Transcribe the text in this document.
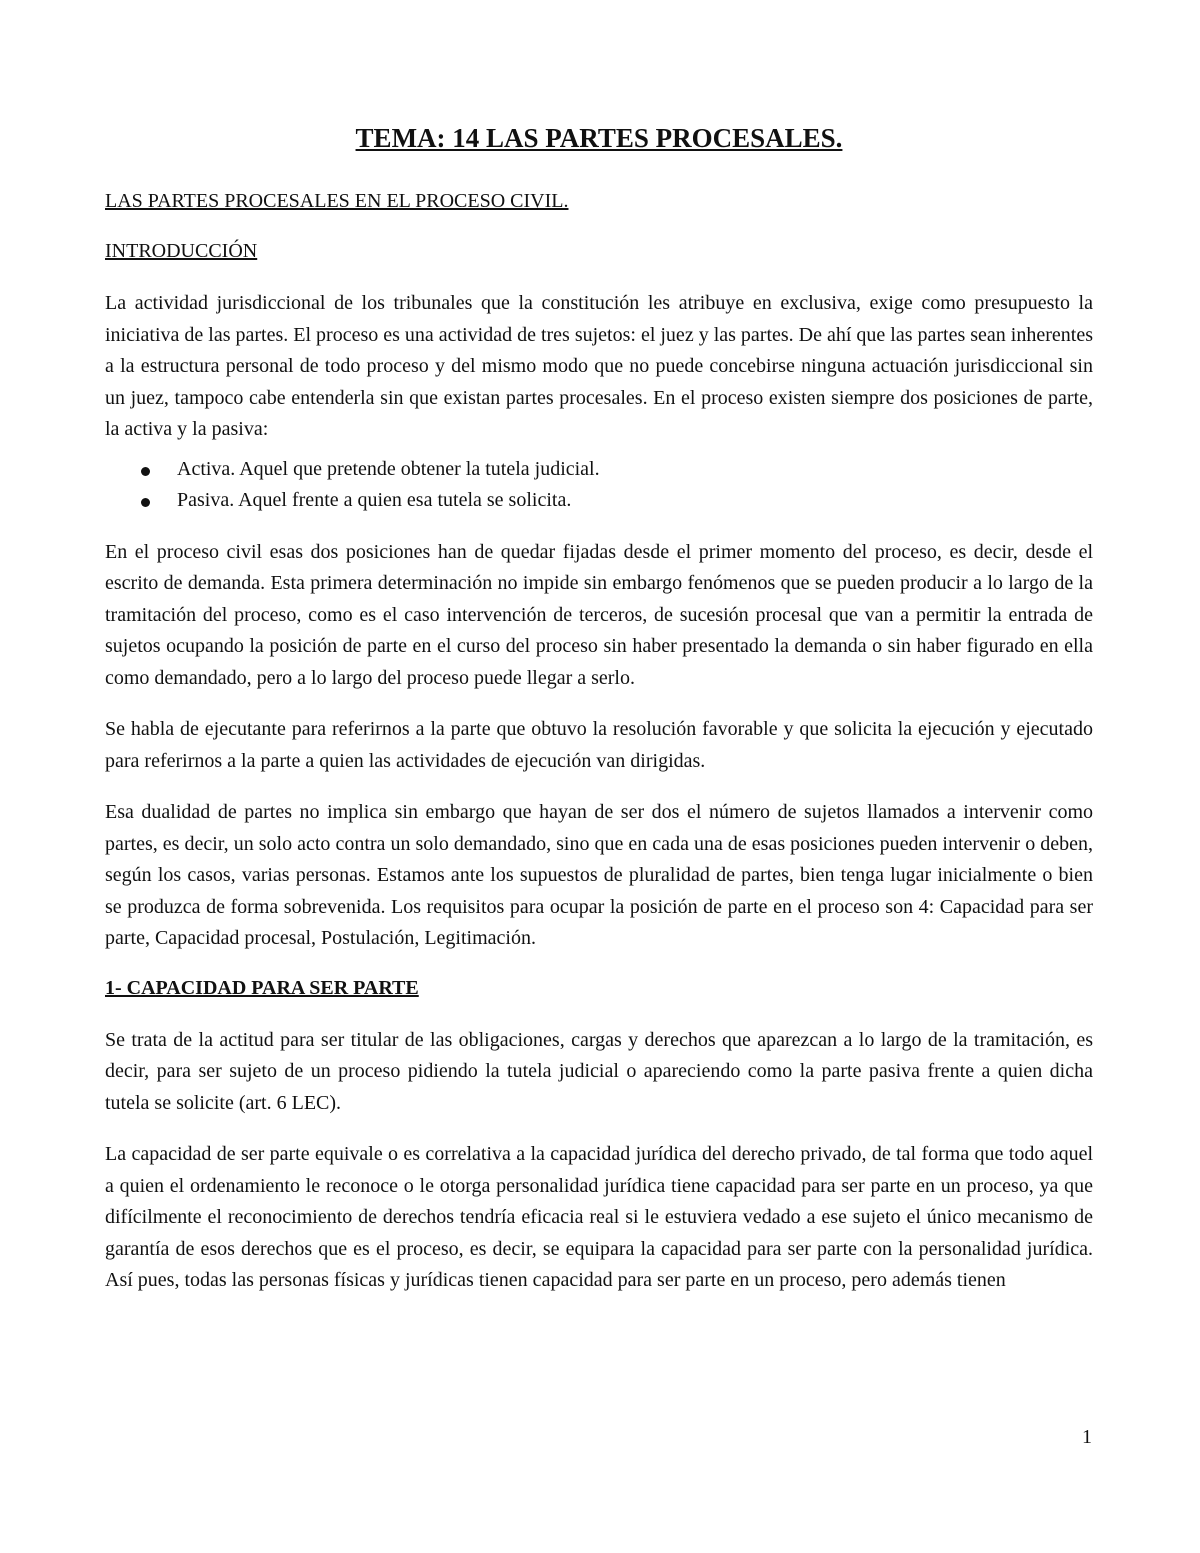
TEMA: 14 LAS PARTES PROCESALES.
LAS PARTES PROCESALES EN EL PROCESO CIVIL.
INTRODUCCIÓN

La actividad jurisdiccional de los tribunales que la constitución les atribuye en exclusiva, exige como presupuesto la iniciativa de las partes. El proceso es una actividad de tres sujetos: el juez y las partes. De ahí que las partes sean inherentes a la estructura personal de todo proceso y del mismo modo que no puede concebirse ninguna actuación jurisdiccional sin un juez, tampoco cabe entenderla sin que existan partes procesales. En el proceso existen siempre dos posiciones de parte, la activa y la pasiva:

Activa. Aquel que pretende obtener la tutela judicial.
Pasiva. Aquel frente a quien esa tutela se solicita.

En el proceso civil esas dos posiciones han de quedar fijadas desde el primer momento del proceso, es decir, desde el escrito de demanda. Esta primera determinación no impide sin embargo fenómenos que se pueden producir a lo largo de la tramitación del proceso, como es el caso intervención de terceros, de sucesión procesal que van a permitir la entrada de sujetos ocupando la posición de parte en el curso del proceso sin haber presentado la demanda o sin haber figurado en ella como demandado, pero a lo largo del proceso puede llegar a serlo.

Se habla de ejecutante para referirnos a la parte que obtuvo la resolución favorable y que solicita la ejecución y ejecutado para referirnos a la parte a quien las actividades de ejecución van dirigidas.

Esa dualidad de partes no implica sin embargo que hayan de ser dos el número de sujetos llamados a intervenir como partes, es decir, un solo acto contra un solo demandado, sino que en cada una de esas posiciones pueden intervenir o deben, según los casos, varias personas. Estamos ante los supuestos de pluralidad de partes, bien tenga lugar inicialmente o bien se produzca de forma sobrevenida. Los requisitos para ocupar la posición de parte en el proceso son 4: Capacidad para ser parte, Capacidad procesal, Postulación, Legitimación.

1- CAPACIDAD PARA SER PARTE

Se trata de la actitud para ser titular de las obligaciones, cargas y derechos que aparezcan a lo largo de la tramitación, es decir, para ser sujeto de un proceso pidiendo la tutela judicial o apareciendo como la parte pasiva frente a quien dicha tutela se solicite (art. 6 LEC).

La capacidad de ser parte equivale o es correlativa a la capacidad jurídica del derecho privado, de tal forma que todo aquel a quien el ordenamiento le reconoce o le otorga personalidad jurídica tiene capacidad para ser parte en un proceso, ya que difícilmente el reconocimiento de derechos tendría eficacia real si le estuviera vedado a ese sujeto el único mecanismo de garantía de esos derechos que es el proceso, es decir, se equipara la capacidad para ser parte con la personalidad jurídica. Así pues, todas las personas físicas y jurídicas tienen capacidad para ser parte en un proceso, pero además tienen

1
